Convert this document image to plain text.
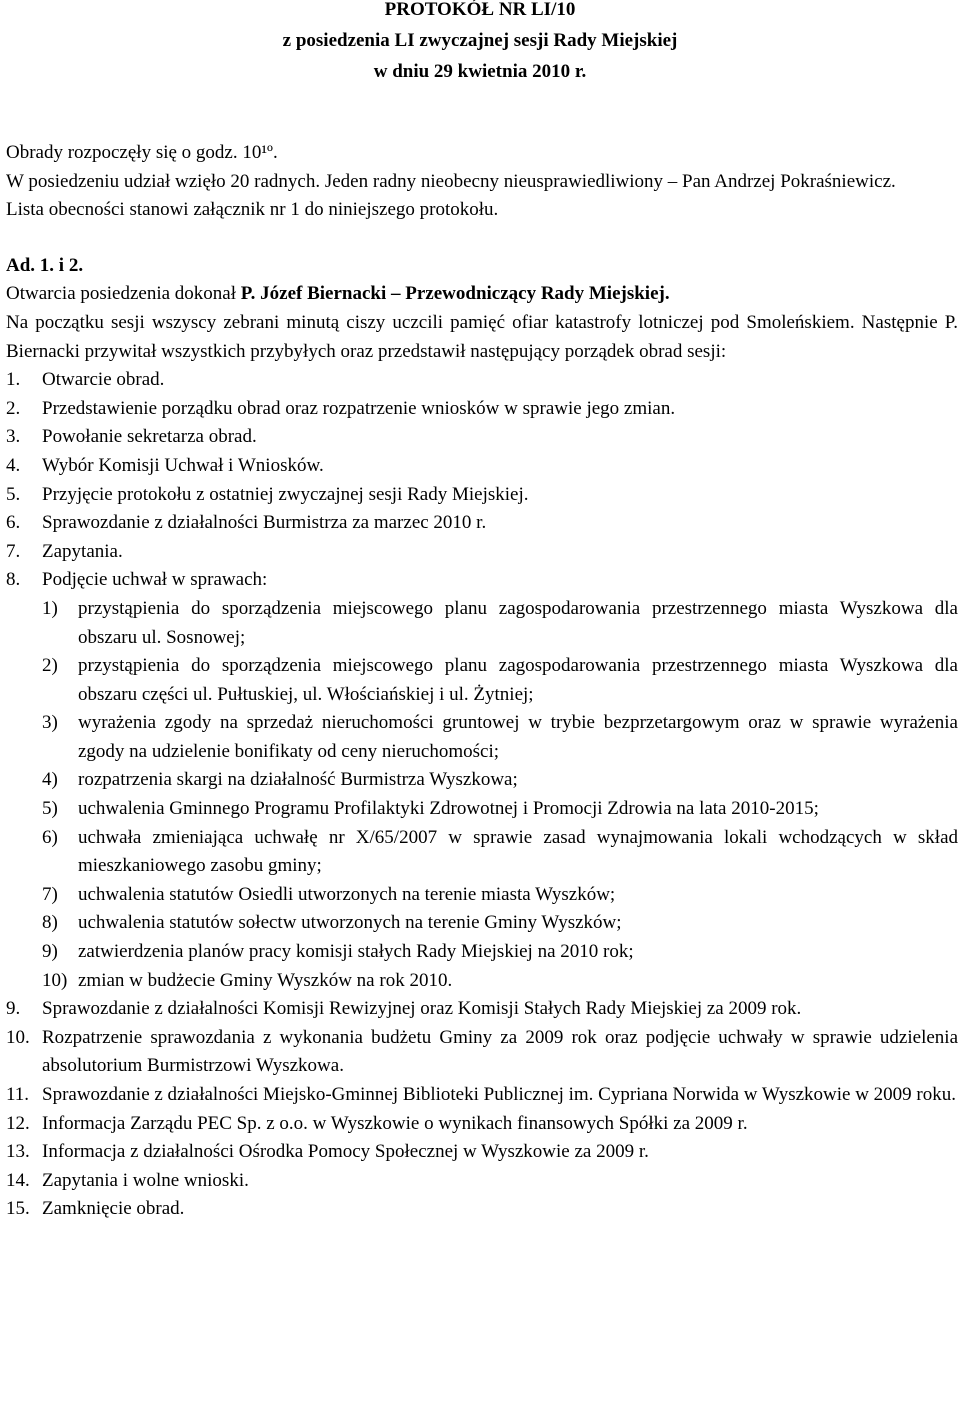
PROTOKÓŁ NR LI/10

z posiedzenia LI zwyczajnej sesji Rady Miejskiej

w dniu 29 kwietnia 2010 r.

Obrady rozpoczęły się o godz. 10¹º.

W posiedzeniu udział wzięło 20 radnych. Jeden radny nieobecny nieusprawiedliwiony – Pan Andrzej Pokraśniewicz.

Lista obecności stanowi załącznik nr 1 do niniejszego protokołu.

Ad. 1. i 2.

Otwarcia posiedzenia dokonał P. Józef Biernacki – Przewodniczący Rady Miejskiej.

Na początku sesji wszyscy zebrani minutą ciszy uczcili pamięć ofiar katastrofy lotniczej pod Smoleńskiem. Następnie P. Biernacki przywitał wszystkich przybyłych oraz przedstawił następujący porządek obrad sesji:

1.	Otwarcie obrad.
2.	Przedstawienie porządku obrad oraz rozpatrzenie wniosków w sprawie jego zmian.
3.	Powołanie sekretarza obrad.
4.	Wybór Komisji Uchwał i Wniosków.
5.	Przyjęcie protokołu z ostatniej zwyczajnej sesji Rady Miejskiej.
6.	Sprawozdanie z działalności Burmistrza za marzec 2010 r.
7.	Zapytania.
8.	Podjęcie uchwał w sprawach:
1)	przystąpienia do sporządzenia miejscowego planu zagospodarowania przestrzennego miasta Wyszkowa dla obszaru ul. Sosnowej;
2)	przystąpienia do sporządzenia miejscowego planu zagospodarowania przestrzennego miasta Wyszkowa dla obszaru części ul. Pułtuskiej, ul. Włościańskiej i ul. Żytniej;
3)	wyrażenia zgody na sprzedaż nieruchomości gruntowej w trybie bezprzetargowym oraz w sprawie wyrażenia zgody na udzielenie bonifikaty od ceny nieruchomości;
4)	rozpatrzenia skargi na działalność Burmistrza Wyszkowa;
5)	uchwalenia Gminnego Programu Profilaktyki Zdrowotnej i Promocji Zdrowia na lata 2010-2015;
6)	uchwała zmieniająca uchwałę nr X/65/2007 w sprawie zasad wynajmowania lokali wchodzących w skład mieszkaniowego zasobu gminy;
7)	uchwalenia statutów Osiedli utworzonych na terenie miasta Wyszków;
8)	uchwalenia statutów sołectw utworzonych na terenie Gminy Wyszków;
9)	zatwierdzenia planów pracy komisji stałych Rady Miejskiej na 2010 rok;
10) zmian w budżecie Gminy Wyszków na rok 2010.
9.	Sprawozdanie z działalności Komisji Rewizyjnej oraz Komisji Stałych Rady Miejskiej za 2009 rok.
10. Rozpatrzenie sprawozdania z wykonania budżetu Gminy za 2009 rok oraz podjęcie uchwały w sprawie udzielenia absolutorium Burmistrzowi Wyszkowa.
11. Sprawozdanie z działalności Miejsko-Gminnej Biblioteki Publicznej im. Cypriana Norwida w Wyszkowie w 2009 roku.
12. Informacja Zarządu PEC Sp. z o.o. w Wyszkowie o wynikach finansowych Spółki za 2009 r.
13. Informacja z działalności Ośrodka Pomocy Społecznej w Wyszkowie za 2009 r.
14. Zapytania i wolne wnioski.
15. Zamknięcie obrad.
